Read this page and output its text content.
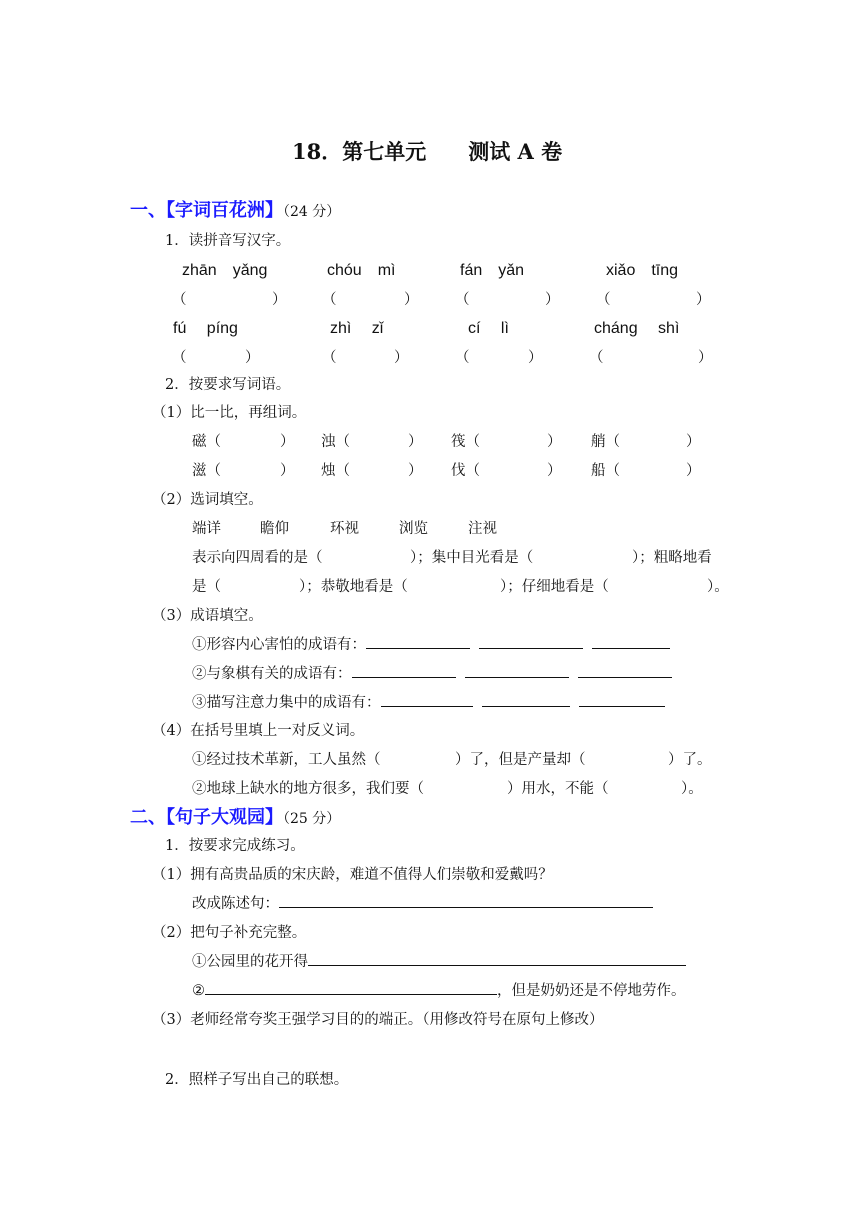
18．第七单元　　测试 A 卷
一、【字词百花洲】（24 分）
1．读拼音写汉字。
zhān　yǎng	chóu　mì	fán　yǎn	xiǎo　tīng
（	） （	）	（	）	（	）
fú　 píng	zhì　 zǐ	cí　 lì	cháng　 shì
（	）	（	）	（	）	（	）
2．按要求写词语。
（1）比一比，再组词。
磁（	） 浊（	） 筏（	） 艄（	）
滋（	） 烛（	） 伐（	） 船（	）
（2）选词填空。
端详	瞻仰	环视	浏览	注视
表示向四周看的是（	）；集中目光看是（	）；粗略地看
是（	）；恭敬地看是（	）；仔细地看是（	）。
（3）成语填空。
①形容内心害怕的成语有：
②与象棋有关的成语有：
③描写注意力集中的成语有：
（4）在括号里填上一对反义词。
①经过技术革新，工人虽然（	）了，但是产量却（	）了。
②地球上缺水的地方很多，我们要（	）用水，不能（	）。
二、【句子大观园】（25 分）
1．按要求完成练习。
（1）拥有高贵品质的宋庆龄，难道不值得人们崇敬和爱戴吗？
改成陈述句：
（2）把句子补充完整。
①公园里的花开得
②	，但是奶奶还是不停地劳作。
（3）老师经常夸奖王强学习目的的端正。（用修改符号在原句上修改）
2．照样子写出自己的联想。
